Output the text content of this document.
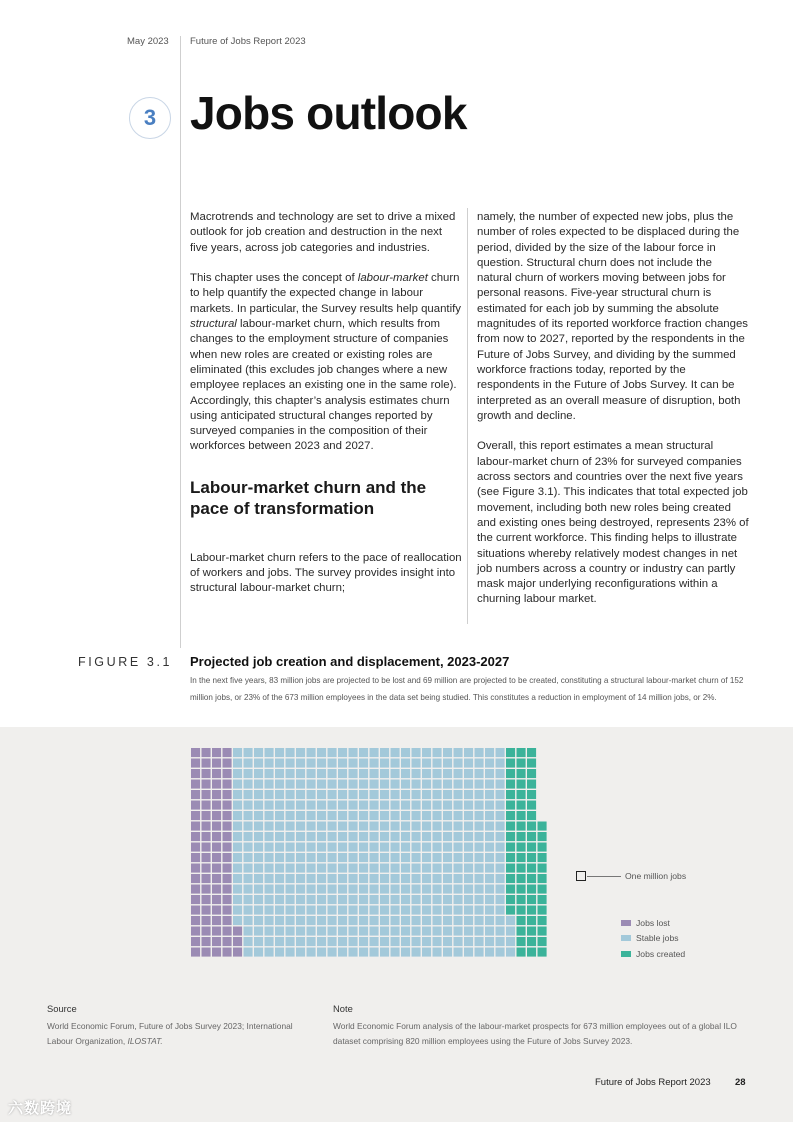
May 2023 Future of Jobs Report 2023
3 Jobs outlook

Macrotrends and technology are set to drive a mixed outlook for job creation and destruction in the next five years, across job categories and industries.

This chapter uses the concept of labour-market churn to help quantify the expected change in labour markets. In particular, the Survey results help quantify structural labour-market churn, which results from changes to the employment structure of companies when new roles are created or existing roles are eliminated (this excludes job changes where a new employee replaces an existing one in the same role). Accordingly, this chapter’s analysis estimates churn using anticipated structural changes reported by surveyed companies in the composition of their workforces between 2023 and 2027.

Labour-market churn and the pace of transformation

Labour-market churn refers to the pace of reallocation of workers and jobs. The survey provides insight into structural labour-market churn;

namely, the number of expected new jobs, plus the number of roles expected to be displaced during the period, divided by the size of the labour force in question. Structural churn does not include the natural churn of workers moving between jobs for personal reasons. Five-year structural churn is estimated for each job by summing the absolute magnitudes of its reported workforce fraction changes from now to 2027, reported by the respondents in the Future of Jobs Survey, and dividing by the summed workforce fractions today, reported by the respondents in the Future of Jobs Survey. It can be interpreted as an overall measure of disruption, both growth and decline.

Overall, this report estimates a mean structural labour-market churn of 23% for surveyed companies across sectors and countries over the next five years (see Figure 3.1). This indicates that total expected job movement, including both new roles being created and existing ones being destroyed, represents 23% of the current workforce. This finding helps to illustrate situations whereby relatively modest changes in net job numbers across a country or industry can partly mask major underlying reconfigurations within a churning labour market.

FIGURE 3.1 Projected job creation and displacement, 2023-2027
In the next five years, 83 million jobs are projected to be lost and 69 million are projected to be created, constituting a structural labour-market churn of 152 million jobs, or 23% of the 673 million employees in the data set being studied. This constitutes a reduction in employment of 14 million jobs, or 2%.
One million jobs
Jobs lost
Stable jobs
Jobs created
Source
World Economic Forum, Future of Jobs Survey 2023; International Labour Organization, ILOSTAT.
Note
World Economic Forum analysis of the labour-market prospects for 673 million employees out of a global ILO dataset comprising 820 million employees using the Future of Jobs Survey 2023.
Future of Jobs Report 2023	28
六数跨境
